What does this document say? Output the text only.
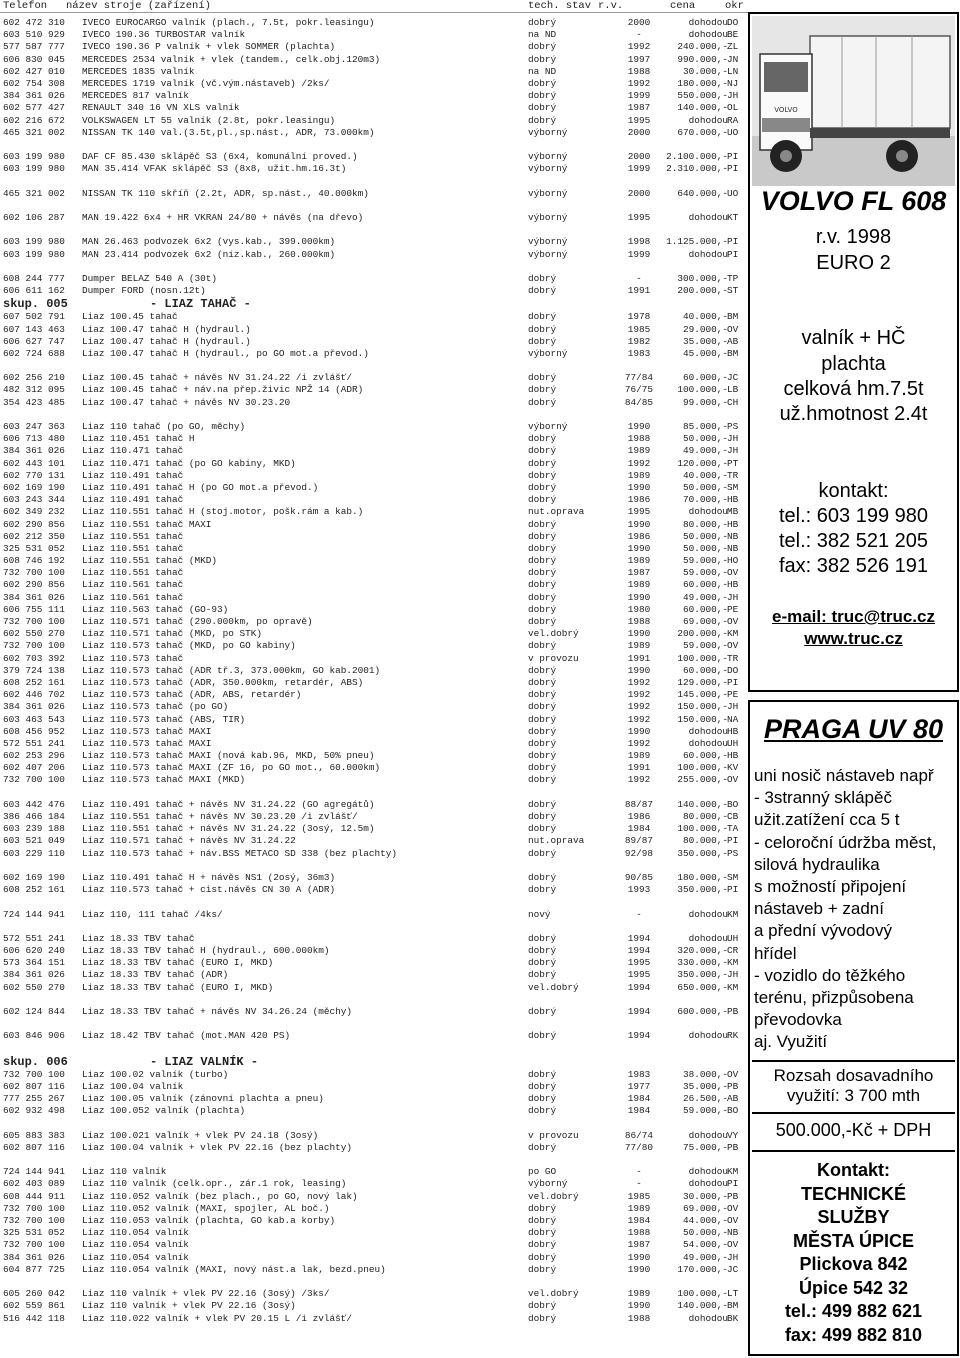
Telefon název stroje (zařízení)	tech. stav r.v.	cena	okr
602 472 310	IVECO EUROCARGO valník (plach., 7.5t, pokr.leasingu)	dobrý	2000	dohodou DO
603 510 929	IVECO 190.36 TURBOSTAR valník	na ND	-	dohodou BE
577 587 777	IVECO 190.36 P valník + vlek SOMMER (plachta)	dobrý	1992	240.000,- ZL
606 830 045	MERCEDES 2534 valník + vlek (tandem., celk.obj.120m3)	dobrý	1997	990.000,- JN
602 427 010	MERCEDES 1835 valník	na ND	1988	30.000,- LN
602 754 308	MERCEDES 1719 valník (vč.vým.nástaveb) /2ks/	dobrý	1992	180.000,- NJ
384 361 026	MERCEDES 817 valník	dobrý	1999	550.000,- JH
602 577 427	RENAULT 340 16 VN XLS valník	dobrý	1987	140.000,- OL
602 216 672	VOLKSWAGEN LT 55 valník (2.8t, pokr.leasingu)	dobrý	1995	dohodou RA
465 321 002	NISSAN TK 140 val.(3.5t,pl.,sp.nást., ADR, 73.000km)	výborný	2000	670.000,- UO
603 199 980	DAF CF 85.430 sklápěč S3 (6x4, komunální proved.)	výborný	2000	2.100.000,- PI
603 199 980	MAN 35.414 VFAK sklápěč S3 (8x8, užit.hm.16.3t)	výborný	1999	2.310.000,- PI
465 321 002	NISSAN TK 110 skříň (2.2t, ADR, sp.nást., 40.000km)	výborný	2000	640.000,- UO
602 106 287	MAN 19.422 6x4 + HR VKRAN 24/80 + návěs (na dřevo)	výborný	1995	dohodou KT
603 199 980	MAN 26.463 podvozek 6x2 (vys.kab., 399.000km)	výborný	1998	1.125.000,- PI
603 199 980	MAN 23.414 podvozek 6x2 (níz.kab., 260.000km)	výborný	1999	dohodou PI
608 244 777	Dumper BELAZ 540 A (30t)	dobrý	-	300.000,- TP
606 611 162	Dumper FORD (nosn.12t)	dobrý	1991	200.000,- ST
skup. 005	- LIAZ TAHAČ -
607 502 791	Liaz 100.45 tahač	dobrý	1978	40.000,- BM
607 143 463	Liaz 100.47 tahač H (hydraul.)	dobrý	1985	29.000,- OV
606 627 747	Liaz 100.47 tahač H (hydraul.)	dobrý	1982	35.000,- AB
602 724 688	Liaz 100.47 tahač H (hydraul., po GO mot.a převod.)	výborný	1983	45.000,- BM
602 256 210	Liaz 100.45 tahač + návěs NV 31.24.22 /i zvlášť/	dobrý	77/84	60.000,- JC
482 312 095	Liaz 100.45 tahač + náv.na přep.živic NPŽ 14 (ADR)	dobrý	76/75	100.000,- LB
354 423 485	Liaz 100.47 tahač + návěs NV 30.23.20	dobrý	84/85	99.000,- CH
603 247 363	Liaz 110 tahač (po GO, měchy)	výborný	1990	85.000,- PS
606 713 480	Liaz 110.451 tahač H	dobrý	1988	50.000,- JH
384 361 026	Liaz 110.471 tahač	dobrý	1989	49.000,- JH
602 443 101	Liaz 110.471 tahač (po GO kabiny, MKD)	dobrý	1992	120.000,- PT
602 770 131	Liaz 110.491 tahač	dobrý	1989	40.000,- TR
602 169 190	Liaz 110.491 tahač H (po GO mot.a převod.)	dobrý	1990	50.000,- SM
603 243 344	Liaz 110.491 tahač	dobrý	1986	70.000,- HB
602 349 232	Liaz 110.551 tahač H (stoj.motor, pošk.rám a kab.)	nut.oprava	1995	dohodou MB
602 290 856	Liaz 110.551 tahač MAXI	dobrý	1990	80.000,- HB
602 212 350	Liaz 110.551 tahač	dobrý	1986	50.000,- NB
325 531 052	Liaz 110.551 tahač	dobrý	1990	50.000,- NB
608 746 192	Liaz 110.551 tahač (MKD)	dobrý	1989	59.000,- HO
732 700 100	Liaz 110.551 tahač	dobrý	1987	59.000,- OV
602 290 856	Liaz 110.561 tahač	dobrý	1989	60.000,- HB
384 361 026	Liaz 110.561 tahač	dobrý	1990	49.000,- JH
606 755 111	Liaz 110.563 tahač (GO-93)	dobrý	1980	60.000,- PE
732 700 100	Liaz 110.571 tahač (290.000km, po opravě)	dobrý	1988	69.000,- OV
602 550 270	Liaz 110.571 tahač (MKD, po STK)	vel.dobrý	1990	200.000,- KM
732 700 100	Liaz 110.573 tahač (MKD, po GO kabiny)	dobrý	1989	59.000,- OV
602 703 392	Liaz 110.573 tahač	v provozu	1991	100.000,- TR
379 724 138	Liaz 110.573 tahač (ADR tř.3, 373.000km, GO kab.2001)	dobrý	1990	60.000,- DO
608 252 161	Liaz 110.573 tahač (ADR, 350.000km, retardér, ABS)	dobrý	1992	129.000,- PI
602 446 702	Liaz 110.573 tahač (ADR, ABS, retardér)	dobrý	1992	145.000,- PE
384 361 026	Liaz 110.573 tahač (po GO)	dobrý	1992	150.000,- JH
603 463 543	Liaz 110.573 tahač (ABS, TIR)	dobrý	1992	150.000,- NA
608 456 952	Liaz 110.573 tahač MAXI	dobrý	1990	dohodou HB
572 551 241	Liaz 110.573 tahač MAXI	dobrý	1992	dohodou UH
602 253 296	Liaz 110.573 tahač MAXI (nová kab.96, MKD, 50% pneu)	dobrý	1989	60.000,- HB
602 407 206	Liaz 110.573 tahač MAXI (ZF 16, po GO mot., 60.000km)	dobrý	1991	100.000,- KV
732 700 100	Liaz 110.573 tahač MAXI (MKD)	dobrý	1992	255.000,- OV
603 442 476	Liaz 110.491 tahač + návěs NV 31.24.22 (GO agregátů)	dobrý	88/87	140.000,- BO
386 466 184	Liaz 110.551 tahač + návěs NV 30.23.20 /i zvlášť/	dobrý	1986	80.000,- CB
603 239 188	Liaz 110.551 tahač + návěs NV 31.24.22 (3osý, 12.5m)	dobrý	1984	100.000,- TA
603 521 049	Liaz 110.571 tahač + návěs NV 31.24.22	nut.oprava	89/87	80.000,- PI
603 229 110	Liaz 110.573 tahač + náv.BSS METACO SD 338 (bez plachty)	dobrý	92/98	350.000,- PS
602 169 190	Liaz 110.491 tahač H + návěs NS1 (2osý, 36m3)	dobrý	90/85	180.000,- SM
608 252 161	Liaz 110.573 tahač + cist.návěs CN 30 A (ADR)	dobrý	1993	350.000,- PI
724 144 941	Liaz 110, 111 tahač /4ks/	nový	-	dohodou KM
572 551 241	Liaz 18.33 TBV tahač	dobrý	1994	dohodou UH
606 620 240	Liaz 18.33 TBV tahač H (hydraul., 600.000km)	dobrý	1994	320.000,- CR
573 364 151	Liaz 18.33 TBV tahač (EURO I, MKD)	dobrý	1995	330.000,- KM
384 361 026	Liaz 18.33 TBV tahač (ADR)	dobrý	1995	350.000,- JH
602 550 270	Liaz 18.33 TBV tahač (EURO I, MKD)	vel.dobrý	1994	650.000,- KM
602 124 844	Liaz 18.33 TBV tahač + návěs NV 34.26.24 (měchy)	dobrý	1994	600.000,- PB
603 846 906	Liaz 18.42 TBV tahač (mot.MAN 420 PS)	dobrý	1994	dohodou RK
skup. 006	- LIAZ VALNÍK -
732 700 100	Liaz 100.02 valník (turbo)	dobrý	1983	38.000,- OV
602 807 116	Liaz 100.04 valník	dobrý	1977	35.000,- PB
777 255 267	Liaz 100.05 valník (zánovní plachta a pneu)	dobrý	1984	26.500,- AB
602 932 498	Liaz 100.052 valník (plachta)	dobrý	1984	59.000,- BO
605 883 383	Liaz 100.021 valník + vlek PV 24.18 (3osý)	v provozu	86/74	dohodou VY
602 807 116	Liaz 100.04 valník + vlek PV 22.16 (bez plachty)	dobrý	77/80	75.000,- PB
724 144 941	Liaz 110 valník	po GO	-	dohodou KM
602 403 089	Liaz 110 valník (celk.opr., zár.1 rok, leasing)	výborný	-	dohodou PI
608 444 911	Liaz 110.052 valník (bez plach., po GO, nový lak)	vel.dobrý	1985	30.000,- PB
732 700 100	Liaz 110.052 valník (MAXI, spojler, AL boč.)	dobrý	1989	69.000,- OV
732 700 100	Liaz 110.053 valník (plachta, GO kab.a korby)	dobrý	1984	44.000,- OV
325 531 052	Liaz 110.054 valník	dobrý	1988	50.000,- NB
732 700 100	Liaz 110.054 valník	dobrý	1987	54.000,- OV
384 361 026	Liaz 110.054 valník	dobrý	1990	49.000,- JH
604 877 725	Liaz 110.054 valník (MAXI, nový nást.a lak, bezd.pneu)	dobrý	1990	170.000,- JC
605 260 042	Liaz 110 valník + vlek PV 22.16 (3osý) /3ks/	vel.dobrý	1989	100.000,- LT
602 559 861	Liaz 110 valník + vlek PV 22.16 (3osý)	dobrý	1990	140.000,- BM
516 442 118	Liaz 110.022 valník + vlek PV 20.15 L /i zvlášť/	dobrý	1988	dohodou BK
VOLVO
VOLVO FL 608
r.v. 1998
EURO 2
valník + HČ
plachta
celková hm.7.5t
už.hmotnost 2.4t
kontakt:
tel.: 603 199 980
tel.: 382 521 205
fax: 382 526 191
e-mail: truc@truc.cz
www.truc.cz
PRAGA UV 80
uni nosič nástaveb např
- 3stranný sklápěč
užit.zatížení cca 5 t
- celoroční údržba měst,
silová hydraulika
s možností připojení
nástaveb + zadní
a přední vývodový
hřídel
- vozidlo do těžkého
terénu, přizpůsobena
převodovka
aj. Využití
Rozsah dosavadního
využití: 3 700 mth
500.000,-Kč + DPH
Kontakt:
TECHNICKÉ
SLUŽBY
MĚSTA ÚPICE
Plickova 842
Úpice 542 32
tel.: 499 882 621
fax: 499 882 810
